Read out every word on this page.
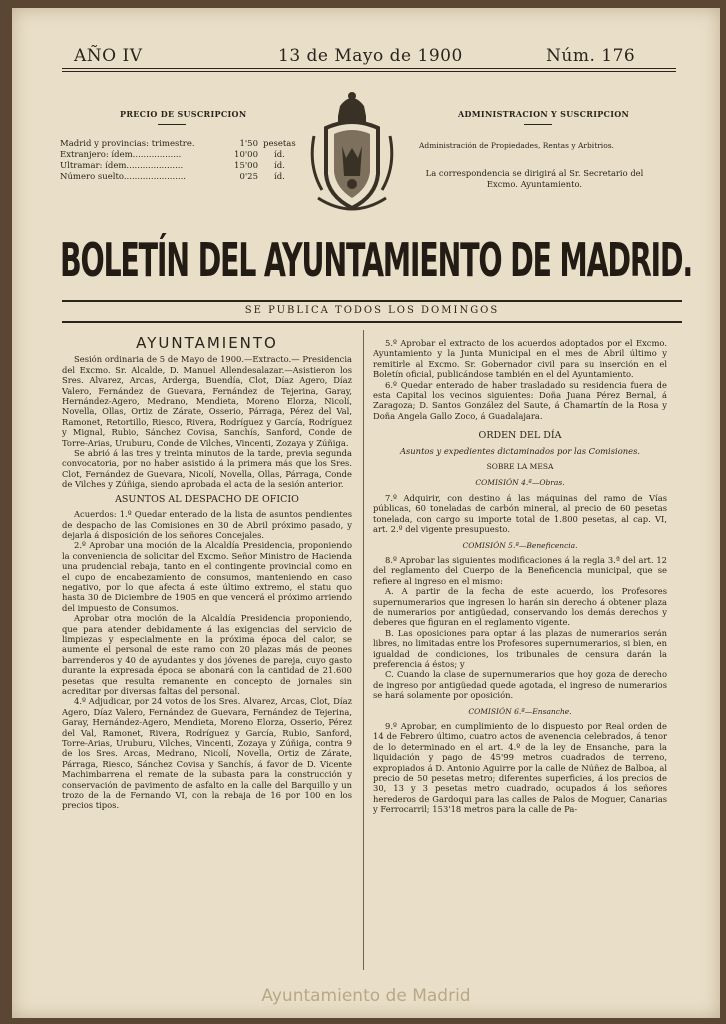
AÑO IV	13 de Mayo de 1900	Núm. 176
PRECIO DE SUSCRIPCION
Madrid y provincias: trimestre.	1'50 pesetas
Extranjero: ídem..................	10'00 íd.
Ultramar: ídem.....................	15'00 íd.
Número suelto.......................	0'25 íd.
ADMINISTRACION Y SUSCRIPCION
Administración de Propiedades, Rentas y Arbitrios.
La correspondencia se dirigirá al Sr. Secretario del Excmo. Ayuntamiento.
BOLETÍN DEL AYUNTAMIENTO DE MADRID.
SE PUBLICA TODOS LOS DOMINGOS
AYUNTAMIENTO

Sesión ordinaria de 5 de Mayo de 1900.—Extracto.— Presidencia del Excmo. Sr. Alcalde, D. Manuel Allendesalazar.—Asistieron los Sres. Alvarez, Arcas, Arderga, Buendía, Clot, Díaz Agero, Díaz Valero, Fernández de Guevara, Fernández de Tejerina, Garay, Hernández-Agero, Medrano, Mendieta, Moreno Elorza, Nicolí, Novella, Ollas, Ortiz de Zárate, Osserio, Párraga, Pérez del Val, Ramonet, Retortillo, Riesco, Rivera, Rodríguez y García, Rodríguez y Mignal, Rubio, Sánchez Covisa, Sanchís, Sanford, Conde de Torre-Arias, Uruburu, Conde de Vilches, Vincenti, Zozaya y Zúñiga.

Se abrió á las tres y treinta minutos de la tarde, previa segunda convocatoria, por no haber asistido á la primera más que los Sres. Clot, Fernández de Guevara, Nicolí, Novella, Ollas, Párraga, Conde de Vilches y Zúñiga, siendo aprobada el acta de la sesión anterior.

ASUNTOS AL DESPACHO DE OFICIO

Acuerdos: 1.º Quedar enterado de la lista de asuntos pendientes de despacho de las Comisiones en 30 de Abril próximo pasado, y dejarla á disposición de los señores Concejales.

2.º Aprobar una moción de la Alcaldía Presidencia, proponiendo la conveniencia de solicitar del Excmo. Señor Ministro de Hacienda una prudencial rebaja, tanto en el contingente provincial como en el cupo de encabezamiento de consumos, manteniendo en caso negativo, por lo que afecta á este último extremo, el statu quo hasta 30 de Diciembre de 1905 en que vencerá el próximo arriendo del impuesto de Consumos.

Aprobar otra moción de la Alcaldía Presidencia proponiendo, que para atender debidamente á las exigencias del servicio de limpiezas y especialmente en la próxima época del calor, se aumente el personal de este ramo con 20 plazas más de peones barrenderos y 40 de ayudantes y dos jóvenes de pareja, cuyo gasto durante la expresada época se abonará con la cantidad de 21.600 pesetas que resulta remanente en concepto de jornales sin acreditar por diversas faltas del personal.

4.º Adjudicar, por 24 votos de los Sres. Alvarez, Arcas, Clot, Díaz Agero, Díaz Valero, Fernández de Guevara, Fernández de Tejerina, Garay, Hernández-Agero, Mendieta, Moreno Elorza, Osserio, Pérez del Val, Ramonet, Rivera, Rodríguez y García, Rubio, Sanford, Torre-Arias, Uruburu, Vilches, Vincenti, Zozaya y Zúñiga, contra 9 de los Sres. Arcas, Medrano, Nicolí, Novella, Ortiz de Zárate, Párraga, Riesco, Sánchez Covisa y Sanchís, á favor de D. Vicente Machimbarrena el remate de la subasta para la construcción y conservación de pavimento de asfalto en la calle del Barquillo y un trozo de la de Fernando VI, con la rebaja de 16 por 100 en los precios tipos.

5.º Aprobar el extracto de los acuerdos adoptados por el Excmo. Ayuntamiento y la Junta Municipal en el mes de Abril último y remitirle al Excmo. Sr. Gobernador civil para su inserción en el Boletín oficial, publicándose también en el del Ayuntamiento.

6.º Quedar enterado de haber trasladado su residencia fuera de esta Capital los vecinos siguientes: Doña Juana Pérez Bernal, á Zaragoza; D. Santos González del Saute, á Chamartín de la Rosa y Doña Angela Gallo Zoco, á Guadalajara.

ORDEN DEL DÍA
Asuntos y expedientes dictaminados por las Comisiones.
SOBRE LA MESA
COMISIÓN 4.ª—Obras.

7.º Adquirir, con destino á las máquinas del ramo de Vías públicas, 60 toneladas de carbón mineral, al precio de 60 pesetas tonelada, con cargo su importe total de 1.800 pesetas, al cap. VI, art. 2.º del vigente presupuesto.

COMISIÓN 5.ª—Beneficencia.

8.º Aprobar las siguientes modificaciones á la regla 3.ª del art. 12 del reglamento del Cuerpo de la Beneficencia municipal, que se refiere al ingreso en el mismo:

A. A partir de la fecha de este acuerdo, los Profesores supernumerarios que ingresen lo harán sin derecho á obtener plaza de numerarios por antigüedad, conservando los demás derechos y deberes que figuran en el reglamento vigente.

B. Las oposiciones para optar á las plazas de numerarios serán libres, no limitadas entre los Profesores supernumerarios, si bien, en igualdad de condiciones, los tribunales de censura darán la preferencia á éstos; y

C. Cuando la clase de supernumerarios que hoy goza de derecho de ingreso por antigüedad quede agotada, el ingreso de numerarios se hará solamente por oposición.

COMISIÓN 6.ª—Ensanche.

9.º Aprobar, en cumplimiento de lo dispuesto por Real orden de 14 de Febrero último, cuatro actos de avenencia celebrados, á tenor de lo determinado en el art. 4.º de la ley de Ensanche, para la liquidación y pago de 45'99 metros cuadrados de terreno, expropiados á D. Antonio Aguirre por la calle de Núñez de Balboa, al precio de 50 pesetas metro; diferentes superficies, á los precios de 30, 13 y 3 pesetas metro cuadrado, ocupados á los señores herederos de Gardoqui para las calles de Palos de Moguer, Canarias y Ferrocarril; 153'18 metros para la calle de Pa-

Ayuntamiento de Madrid
